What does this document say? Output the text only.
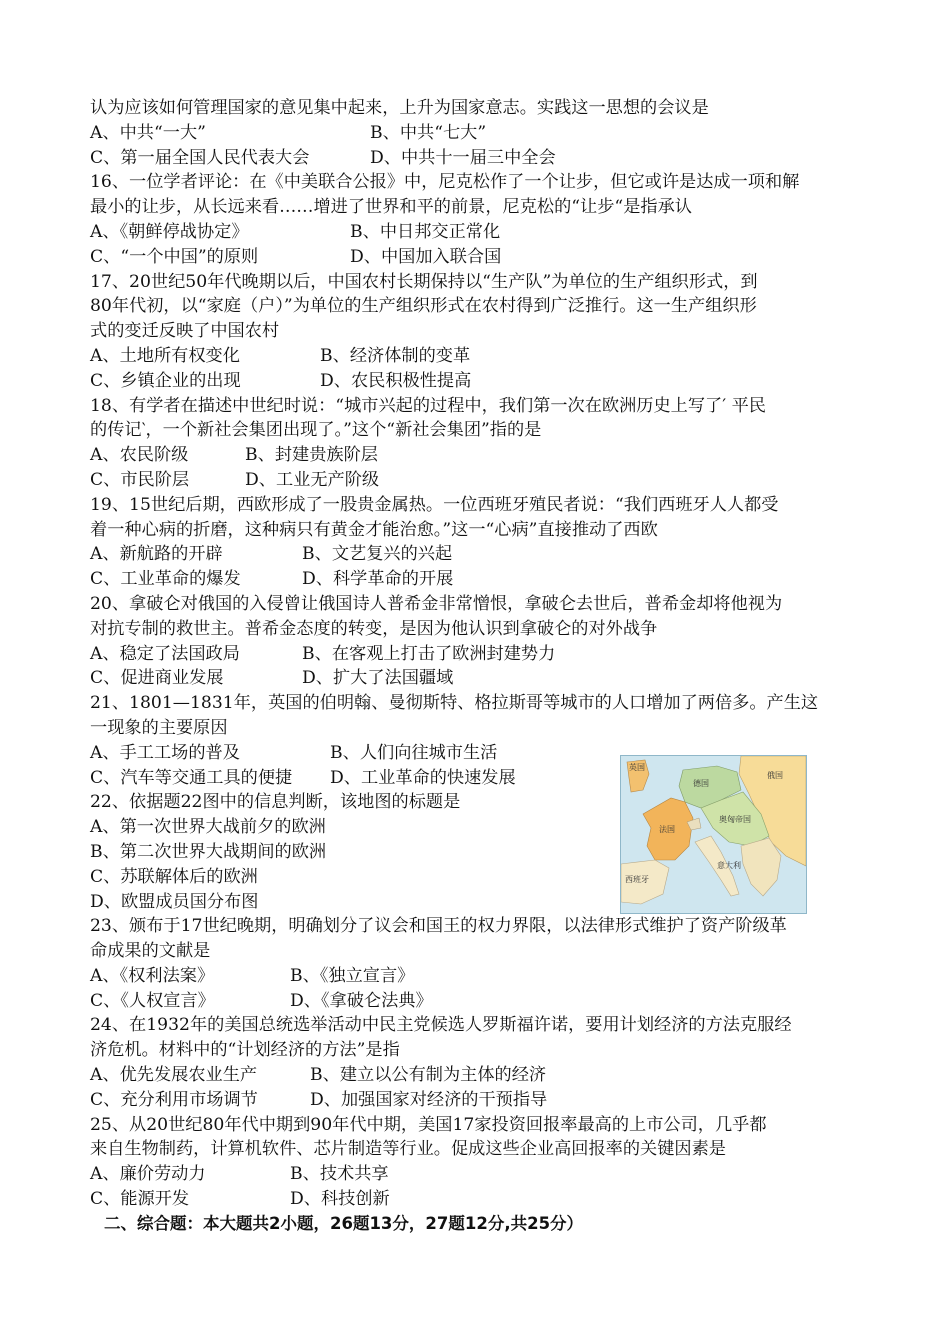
认为应该如何管理国家的意见集中起来，上升为国家意志。实践这一思想的会议是
A、中共“一大”	B、中共“七大”
C、第一届全国人民代表大会	D、中共十一届三中全会
16、一位学者评论：在《中美联合公报》中，尼克松作了一个让步，但它或许是达成一项和解
最小的让步，从长远来看……增进了世界和平的前景，尼克松的“让步“是指承认
A、《朝鲜停战协定》	B、中日邦交正常化
C、“一个中国”的原则	D、中国加入联合国
17、20世纪50年代晚期以后，中国农村长期保持以“生产队”为单位的生产组织形式，到
80年代初，以“家庭（户）”为单位的生产组织形式在农村得到广泛推行。这一生产组织形
式的变迁反映了中国农村
A、土地所有权变化	B、经济体制的变革
C、乡镇企业的出现	D、农民积极性提高
18、有学者在描述中世纪时说：“城市兴起的过程中，我们第一次在欧洲历史上写了′ 平民
的传记‵，一个新社会集团出现了。”这个“新社会集团”指的是
A、农民阶级	B、封建贵族阶层
C、市民阶层	D、工业无产阶级
19、15世纪后期，西欧形成了一股贵金属热。一位西班牙殖民者说：“我们西班牙人人都受
着一种心病的折磨，这种病只有黄金才能治愈。”这一“心病”直接推动了西欧
A、新航路的开辟	B、文艺复兴的兴起
C、工业革命的爆发	D、科学革命的开展
20、拿破仑对俄国的入侵曾让俄国诗人普希金非常憎恨，拿破仑去世后，普希金却将他视为
对抗专制的救世主。普希金态度的转变，是因为他认识到拿破仑的对外战争
A、稳定了法国政局	B、在客观上打击了欧洲封建势力
C、促进商业发展	D、扩大了法国疆域
21、1801—1831年，英国的伯明翰、曼彻斯特、格拉斯哥等城市的人口增加了两倍多。产生这
一现象的主要原因
A、手工工场的普及	B、人们向往城市生活
C、汽车等交通工具的便捷 D、工业革命的快速发展
22、依据题22图中的信息判断，该地图的标题是
A、第一次世界大战前夕的欧洲
B、第二次世界大战期间的欧洲
C、苏联解体后的欧洲
D、欧盟成员国分布图
23、颁布于17世纪晚期，明确划分了议会和国王的权力界限，以法律形式维护了资产阶级革
命成果的文献是
A、《权利法案》	B、《独立宣言》
C、《人权宣言》	D、《拿破仑法典》
24、在1932年的美国总统选举活动中民主党候选人罗斯福许诺，要用计划经济的方法克服经
济危机。材料中的“计划经济的方法”是指
A、优先发展农业生产	B、建立以公有制为主体的经济
C、充分利用市场调节	D、加强国家对经济的干预指导
25、从20世纪80年代中期到90年代中期，美国17家投资回报率最高的上市公司，几乎都
来自生物制药，计算机软件、芯片制造等行业。促成这些企业高回报率的关键因素是
A、廉价劳动力	B、技术共享
C、能源开发	D、科技创新
二、综合题：本大题共2小题，26题13分，27题12分,共25分）
英国
德国
俄国
法国
奥匈帝国
西班牙
意大利
